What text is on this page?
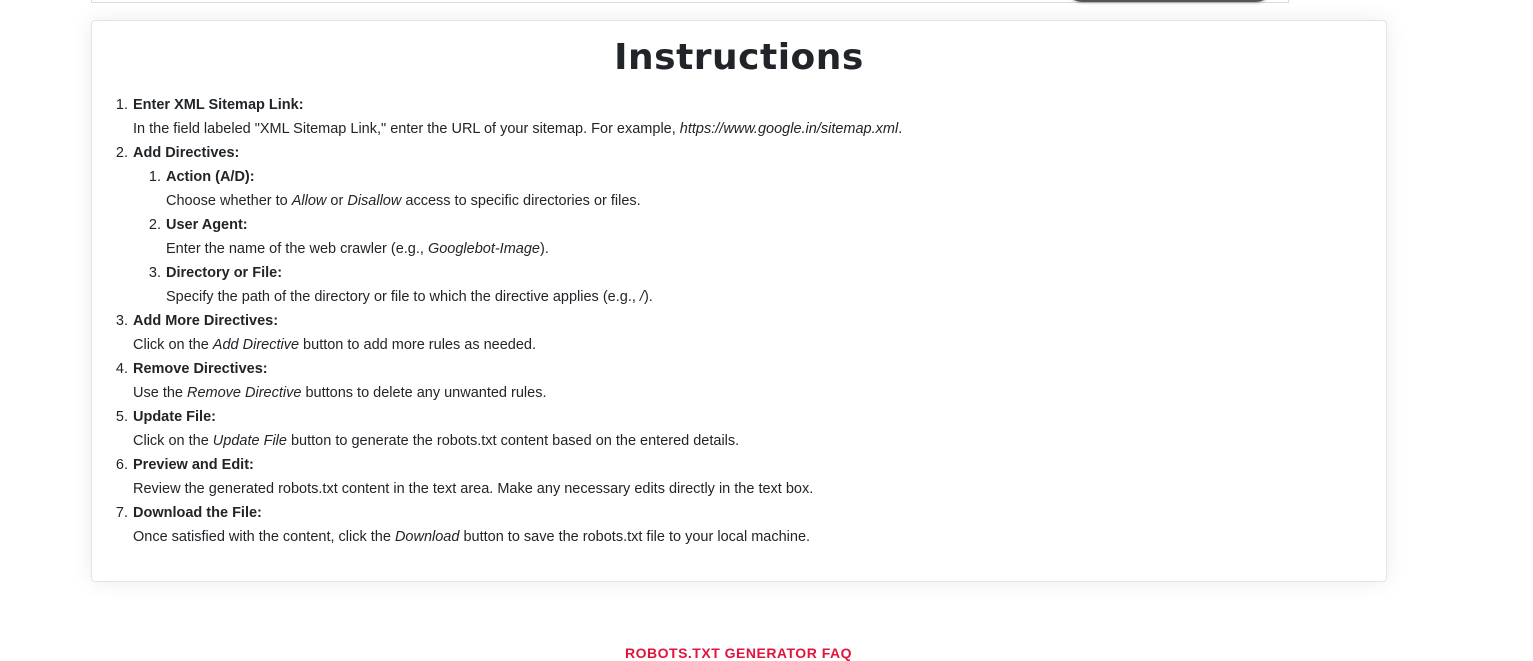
Instructions
1. Enter XML Sitemap Link:
In the field labeled "XML Sitemap Link," enter the URL of your sitemap. For example, https://www.google.in/sitemap.xml.
2. Add Directives:
1. Action (A/D):
Choose whether to Allow or Disallow access to specific directories or files.
2. User Agent:
Enter the name of the web crawler (e.g., Googlebot-Image).
3. Directory or File:
Specify the path of the directory or file to which the directive applies (e.g., /).
3. Add More Directives:
Click on the Add Directive button to add more rules as needed.
4. Remove Directives:
Use the Remove Directive buttons to delete any unwanted rules.
5. Update File:
Click on the Update File button to generate the robots.txt content based on the entered details.
6. Preview and Edit:
Review the generated robots.txt content in the text area. Make any necessary edits directly in the text box.
7. Download the File:
Once satisfied with the content, click the Download button to save the robots.txt file to your local machine.
ROBOTS.TXT GENERATOR FAQ
